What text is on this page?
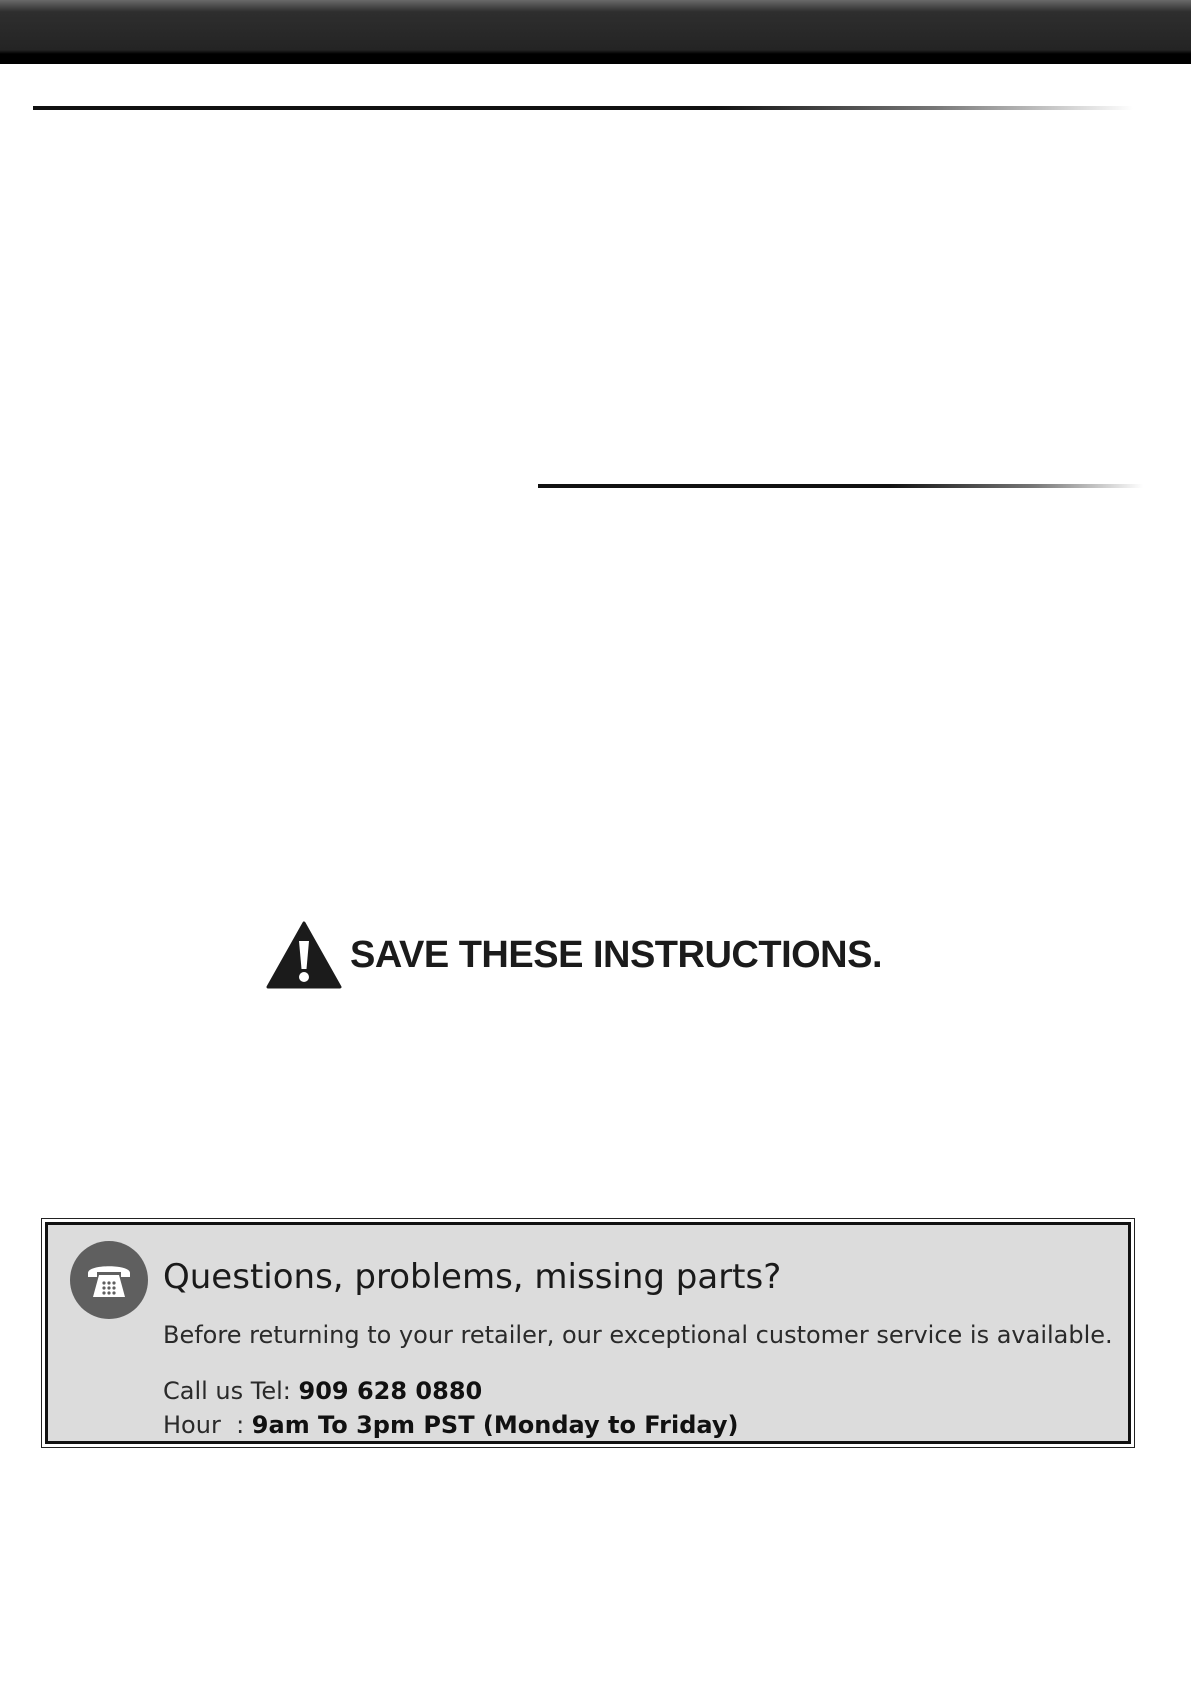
SAVE THESE INSTRUCTIONS.
Questions, problems, missing parts?
Before returning to your retailer, our exceptional customer service is available.
Call us Tel: 909 628 0880
Hour  : 9am To 3pm PST (Monday to Friday)
